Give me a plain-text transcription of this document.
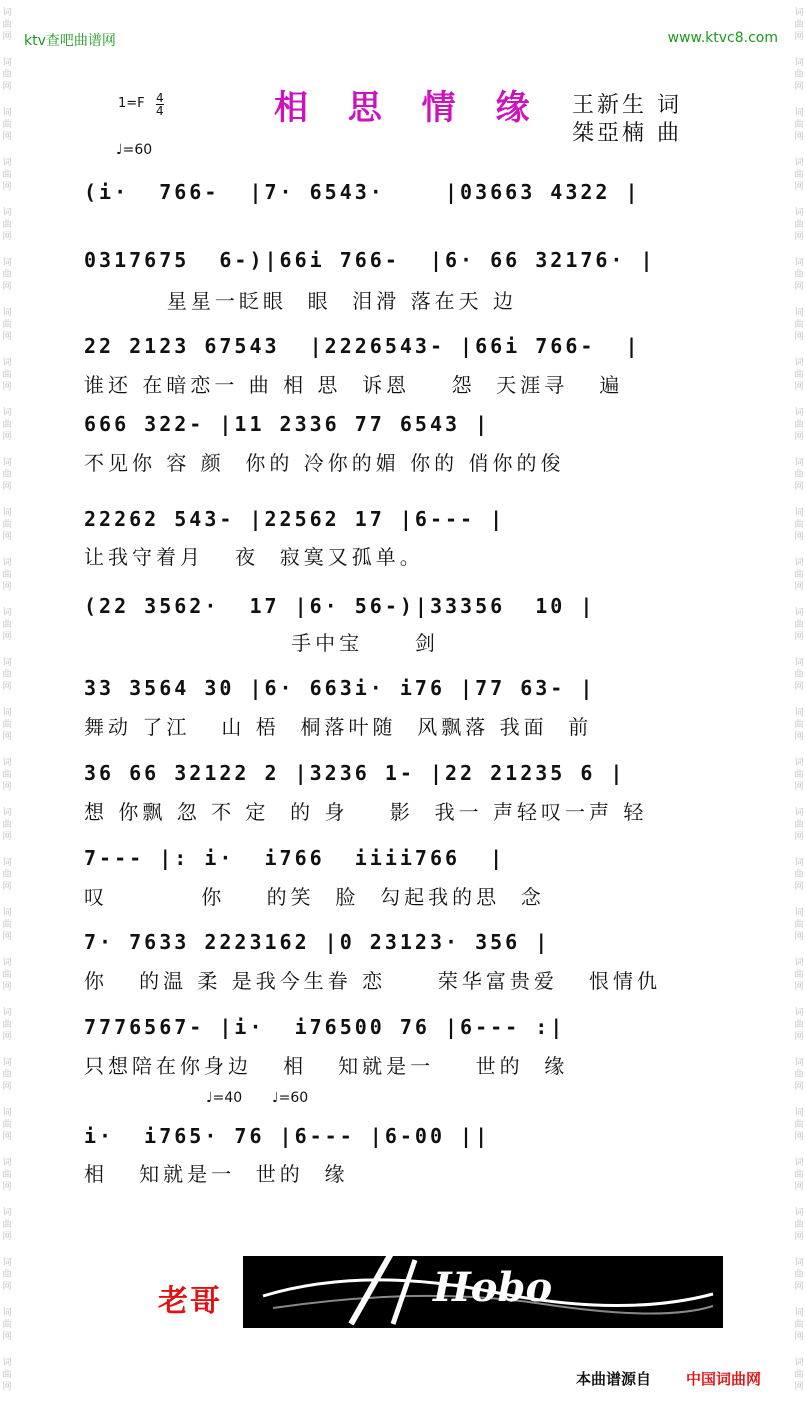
词
曲
网
词
曲
网
词
曲
网
词
曲
网
词
曲
网
词
曲
网
词
曲
网
词
曲
网
词
曲
网
词
曲
网
词
曲
网
词
曲
网
词
曲
网
词
曲
网
词
曲
网
词
曲
网
词
曲
网
词
曲
网
词
曲
网
词
曲
网
词
曲
网
词
曲
网
词
曲
网
词
曲
网
词
曲
网
词
曲
网
词
曲
网
词
曲
网
词
曲
网
词
曲
网
词
曲
网
词
曲
网
词
曲
网
词
曲
网
词
曲
网
词
曲
网
词
曲
网
词
曲
网
词
曲
网
词
曲
网
词
曲
网
词
曲
网
词
曲
网
词
曲
网
词
曲
网
词
曲
网
词
曲
网
词
曲
网
词
曲
网
词
曲
网
词
曲
网
词
曲
网
词
曲
网
词
曲
网
词
曲
网
词
曲
网
ktv查吧曲谱网	www.ktvc8.com
相 思 情 缘 王新生 词
桀亞楠 曲
1=F 4
4
♩=60
(i·  766-  |7· 6543·    |03663 4322 |
0317675  6-)|66i 766-  |6· 66 32176· |
星星一眨眼  眼  泪滑 落在天 边
22 2123 67543  |2226543- |66i 766-  |
谁还 在暗恋一 曲 相 思  诉恩    怨  天涯寻   遍
666 322- |11 2336 77 6543 |
不见你 容 颜  你的 冷你的媚 你的 俏你的俊
22262 543- |22562 17 |6--- |
让我守着月   夜  寂寞又孤单。
(22 3562·  17 |6· 56-)|33356  10 |
手中宝     剑
33 3564 30 |6· 663i· i76 |77 63- |
舞动 了江   山 梧  桐落叶随  风飘落 我面  前
36 66 32122 2 |3236 1- |22 21235 6 |
想 你飘 忽 不 定  的 身    影  我一 声轻叹一声 轻
7--- |: i·  i766  iiii766  |
叹         你    的笑  脸  勾起我的思  念
7· 7633 2223162 |0 23123· 356 |
你   的温 柔 是我今生眷 恋     荣华富贵爱   恨情仇
7776567- |i·  i76500 76 |6--- :|
只想陪在你身边   相   知就是一    世的  缘
♩=40 ♩=60
i·  i765· 76 |6--- |6-00 ||
相   知就是一  世的  缘
老哥	Hobo
本曲谱源自 中国词曲网
